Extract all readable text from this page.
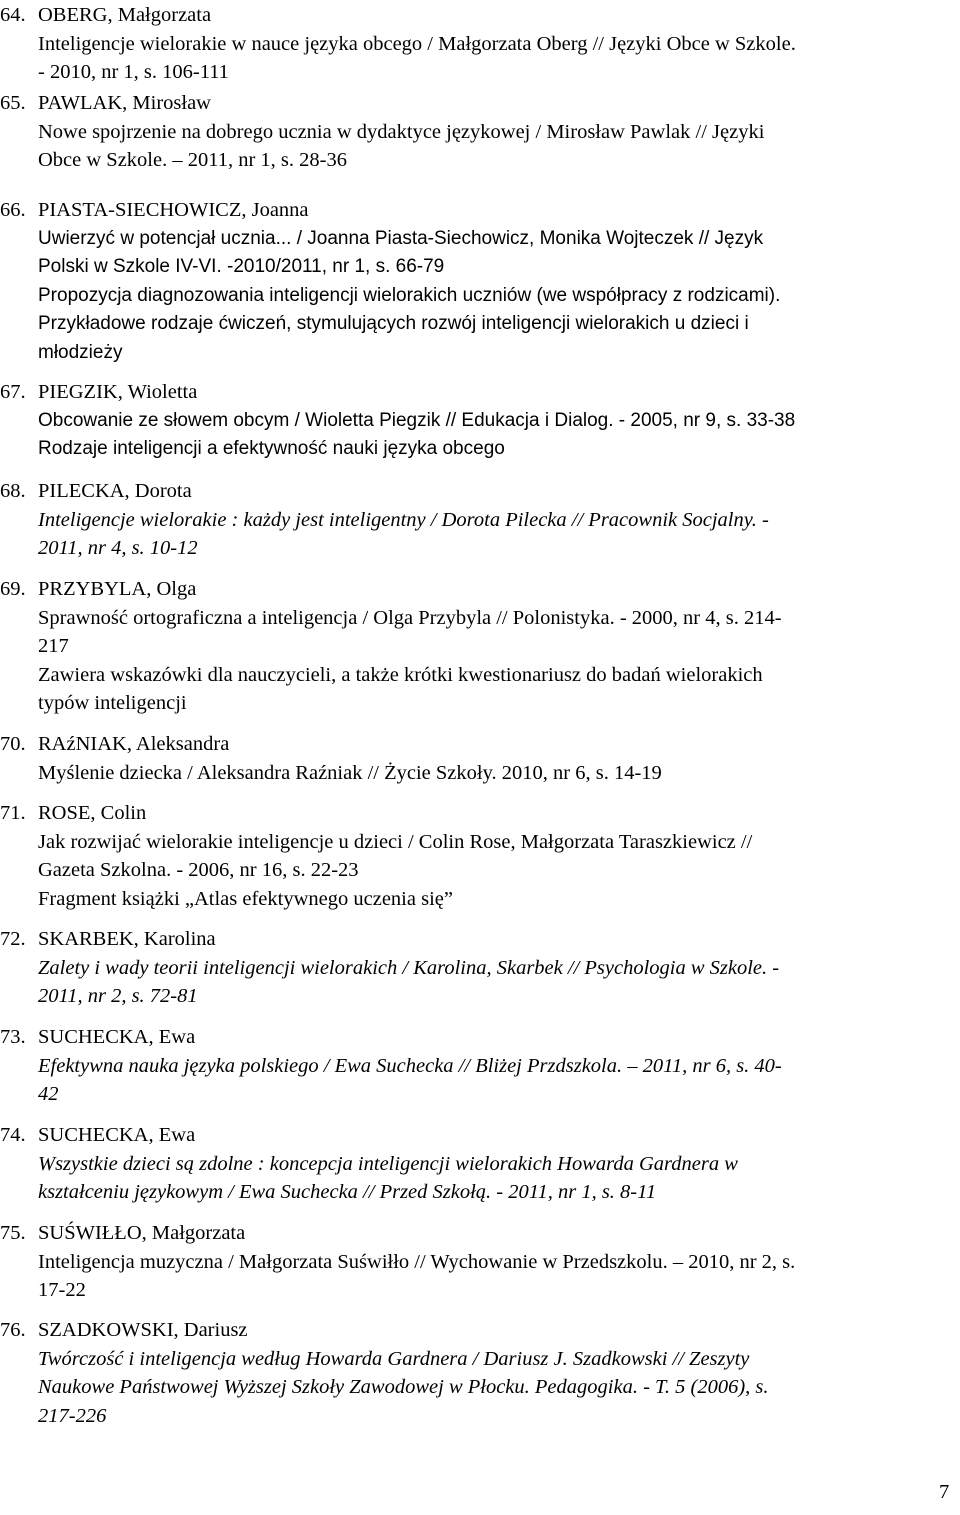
64. OBERG, Małgorzata
Inteligencje wielorakie w nauce języka obcego / Małgorzata Oberg // Języki Obce w Szkole.
- 2010, nr 1, s. 106-111
65. PAWLAK, Mirosław
Nowe spojrzenie na dobrego ucznia w dydaktyce językowej / Mirosław Pawlak // Języki
Obce w Szkole. – 2011, nr 1, s. 28-36
66. PIASTA-SIECHOWICZ, Joanna
Uwierzyć w potencjał ucznia... / Joanna Piasta-Siechowicz, Monika Wojteczek // Język
Polski w Szkole IV-VI. -2010/2011, nr 1, s. 66-79
Propozycja diagnozowania inteligencji wielorakich uczniów (we współpracy z rodzicami).
Przykładowe rodzaje ćwiczeń, stymulujących rozwój inteligencji wielorakich u dzieci i
młodzieży
67. PIEGZIK, Wioletta
Obcowanie ze słowem obcym / Wioletta Piegzik // Edukacja i Dialog. - 2005, nr 9, s. 33-38
Rodzaje inteligencji a efektywność nauki języka obcego
68. PILECKA, Dorota
Inteligencje wielorakie : każdy jest inteligentny / Dorota Pilecka // Pracownik Socjalny. -
2011, nr 4, s. 10-12
69. PRZYBYLA, Olga
Sprawność ortograficzna a inteligencja / Olga Przybyla // Polonistyka. - 2000, nr 4, s. 214-
217
Zawiera wskazówki dla nauczycieli, a także krótki kwestionariusz do badań wielorakich
typów inteligencji
70. RAźNIAK, Aleksandra
Myślenie dziecka / Aleksandra Raźniak // Życie Szkoły. 2010, nr 6, s. 14-19
71. ROSE, Colin
Jak rozwijać wielorakie inteligencje u dzieci / Colin Rose, Małgorzata Taraszkiewicz //
Gazeta Szkolna. - 2006, nr 16, s. 22-23
Fragment książki „Atlas efektywnego uczenia się”
72. SKARBEK, Karolina
Zalety i wady teorii inteligencji wielorakich / Karolina, Skarbek // Psychologia w Szkole. -
2011, nr 2, s. 72-81
73. SUCHECKA, Ewa
Efektywna nauka języka polskiego / Ewa Suchecka // Bliżej Przdszkola. – 2011, nr 6, s. 40-
42
74. SUCHECKA, Ewa
Wszystkie dzieci są zdolne : koncepcja inteligencji wielorakich Howarda Gardnera w
kształceniu językowym / Ewa Suchecka // Przed Szkołą. - 2011, nr 1, s. 8-11
75. SUŚWIŁŁO, Małgorzata
Inteligencja muzyczna / Małgorzata Suświłło // Wychowanie w Przedszkolu. – 2010, nr 2, s.
17-22
76. SZADKOWSKI, Dariusz
Twórczość i inteligencja według Howarda Gardnera / Dariusz J. Szadkowski // Zeszyty
Naukowe Państwowej Wyższej Szkoły Zawodowej w Płocku. Pedagogika. - T. 5 (2006), s.
217-226
7
